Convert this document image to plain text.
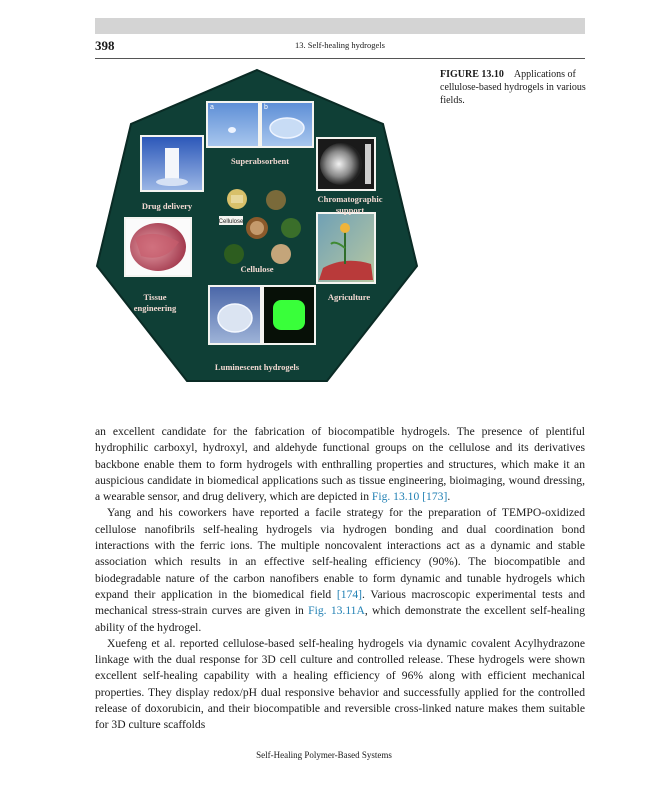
398	13. Self-healing hydrogels
a	b
Cellulose
Superabsorbent
Drug delivery
Chromatographic
support
Cellulose
Tissue
engineering
Agriculture
Luminescent hydrogels
FIGURE 13.10 Applications of cellulose-based hydrogels in various fields.

an excellent candidate for the fabrication of biocompatible hydrogels. The presence of plentiful hydrophilic carboxyl, hydroxyl, and aldehyde functional groups on the cellulose and its derivatives backbone enable them to form hydrogels with enthralling properties and structures, which make it an auspicious candidate in biomedical applications such as tissue engineering, bioimaging, wound dressing, a wearable sensor, and drug delivery, which are depicted in Fig. 13.10 [173].

Yang and his coworkers have reported a facile strategy for the preparation of TEMPO-oxidized cellulose nanofibrils self-healing hydrogels via hydrogen bonding and dual coordination bond interactions with the ferric ions. The multiple noncovalent interactions act as a dynamic and stable association which results in an effective self-healing efficiency (90%). The biocompatible and biodegradable nature of the carbon nanofibers enable to form dynamic and tunable hydrogels which expand their application in the biomedical field [174]. Various macroscopic experimental tests and mechanical stress-strain curves are given in Fig. 13.11A, which demonstrate the excellent self-healing ability of the hydrogel.

Xuefeng et al. reported cellulose-based self-healing hydrogels via dynamic covalent Acylhydrazone linkage with the dual response for 3D cell culture and controlled release. These hydrogels were shown excellent self-healing capability with a healing efficiency of 96% along with efficient mechanical properties. They display redox/pH dual responsive behavior and successfully applied for the controlled release of doxorubicin, and their biocompatible and reversible cross-linked nature makes them suitable for 3D culture scaffolds

Self-Healing Polymer-Based Systems
